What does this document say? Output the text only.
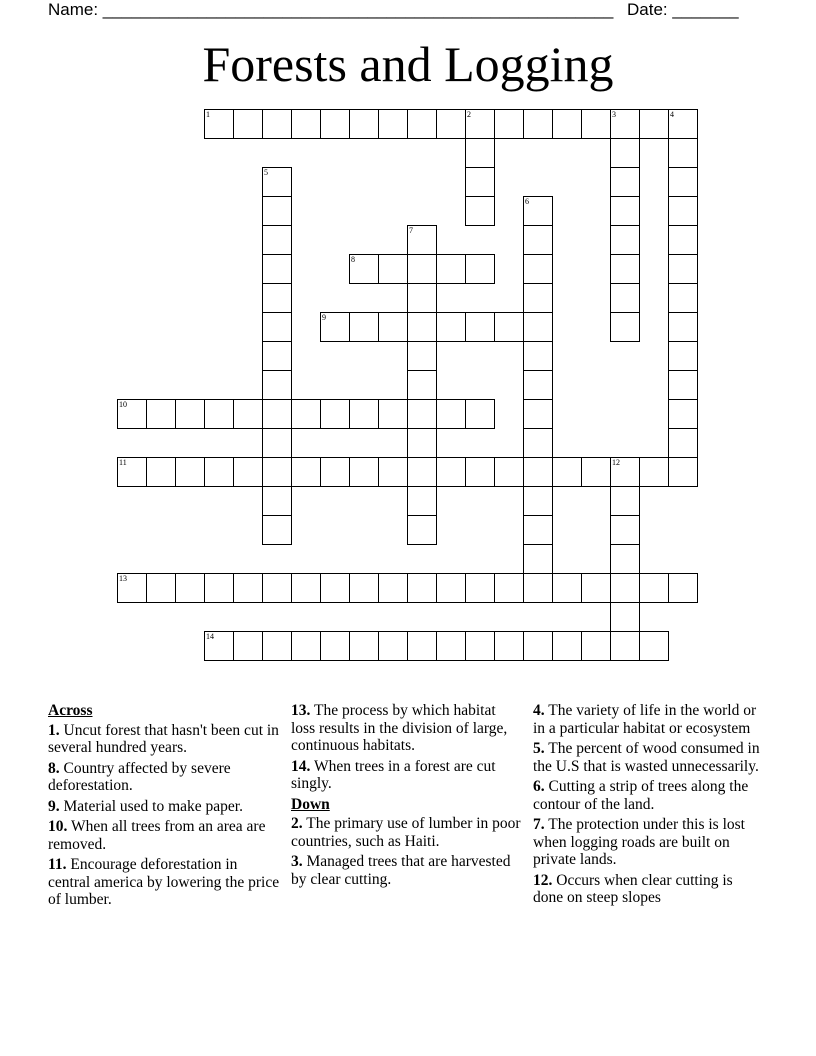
Name: ______________________________________________________ Date: _______
Forests and Logging
1	2	3	4
5
6
7
8
9
10
11	12
13
14
Across
1. Uncut forest that hasn't been cut in several hundred years.
8. Country affected by severe deforestation.
9. Material used to make paper.
10. When all trees from an area are removed.
11. Encourage deforestation in central america by lowering the price of lumber.
13. The process by which habitat loss results in the division of large, continuous habitats.
14. When trees in a forest are cut singly.
Down
2. The primary use of lumber in poor countries, such as Haiti.
3. Managed trees that are harvested by clear cutting.
4. The variety of life in the world or in a particular habitat or ecosystem
5. The percent of wood consumed in the U.S that is wasted unnecessarily.
6. Cutting a strip of trees along the contour of the land.
7. The protection under this is lost when logging roads are built on private lands.
12. Occurs when clear cutting is done on steep slopes
